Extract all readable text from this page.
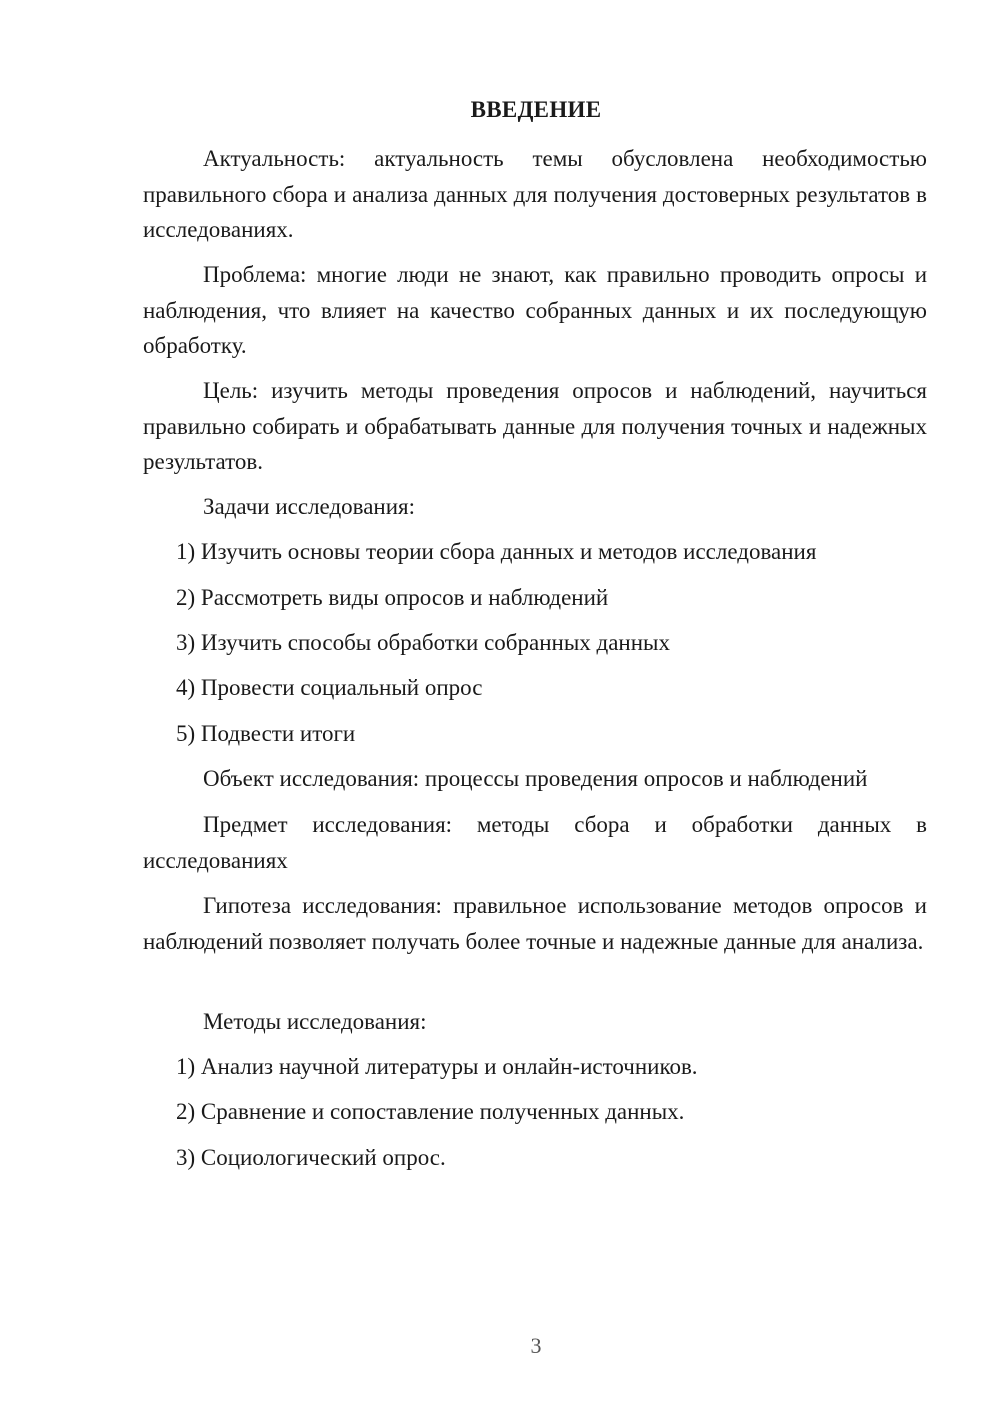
ВВЕДЕНИЕ

Актуальность: актуальность темы обусловлена необходимостью правильного сбора и анализа данных для получения достоверных результатов в исследованиях.

Проблема: многие люди не знают, как правильно проводить опросы и наблюдения, что влияет на качество собранных данных и их последующую обработку.

Цель: изучить методы проведения опросов и наблюдений, научиться правильно собирать и обрабатывать данные для получения точных и надежных результатов.

Задачи исследования:

1) Изучить основы теории сбора данных и методов исследования

2) Рассмотреть виды опросов и наблюдений

3) Изучить способы обработки собранных данных

4) Провести социальный опрос

5) Подвести итоги

Объект исследования: процессы проведения опросов и наблюдений

Предмет исследования: методы сбора и обработки данных в исследованиях

Гипотеза исследования: правильное использование методов опросов и наблюдений позволяет получать более точные и надежные данные для анализа.

Методы исследования:

1) Анализ научной литературы и онлайн-источников.

2) Сравнение и сопоставление полученных данных.

3) Социологический опрос.

3
